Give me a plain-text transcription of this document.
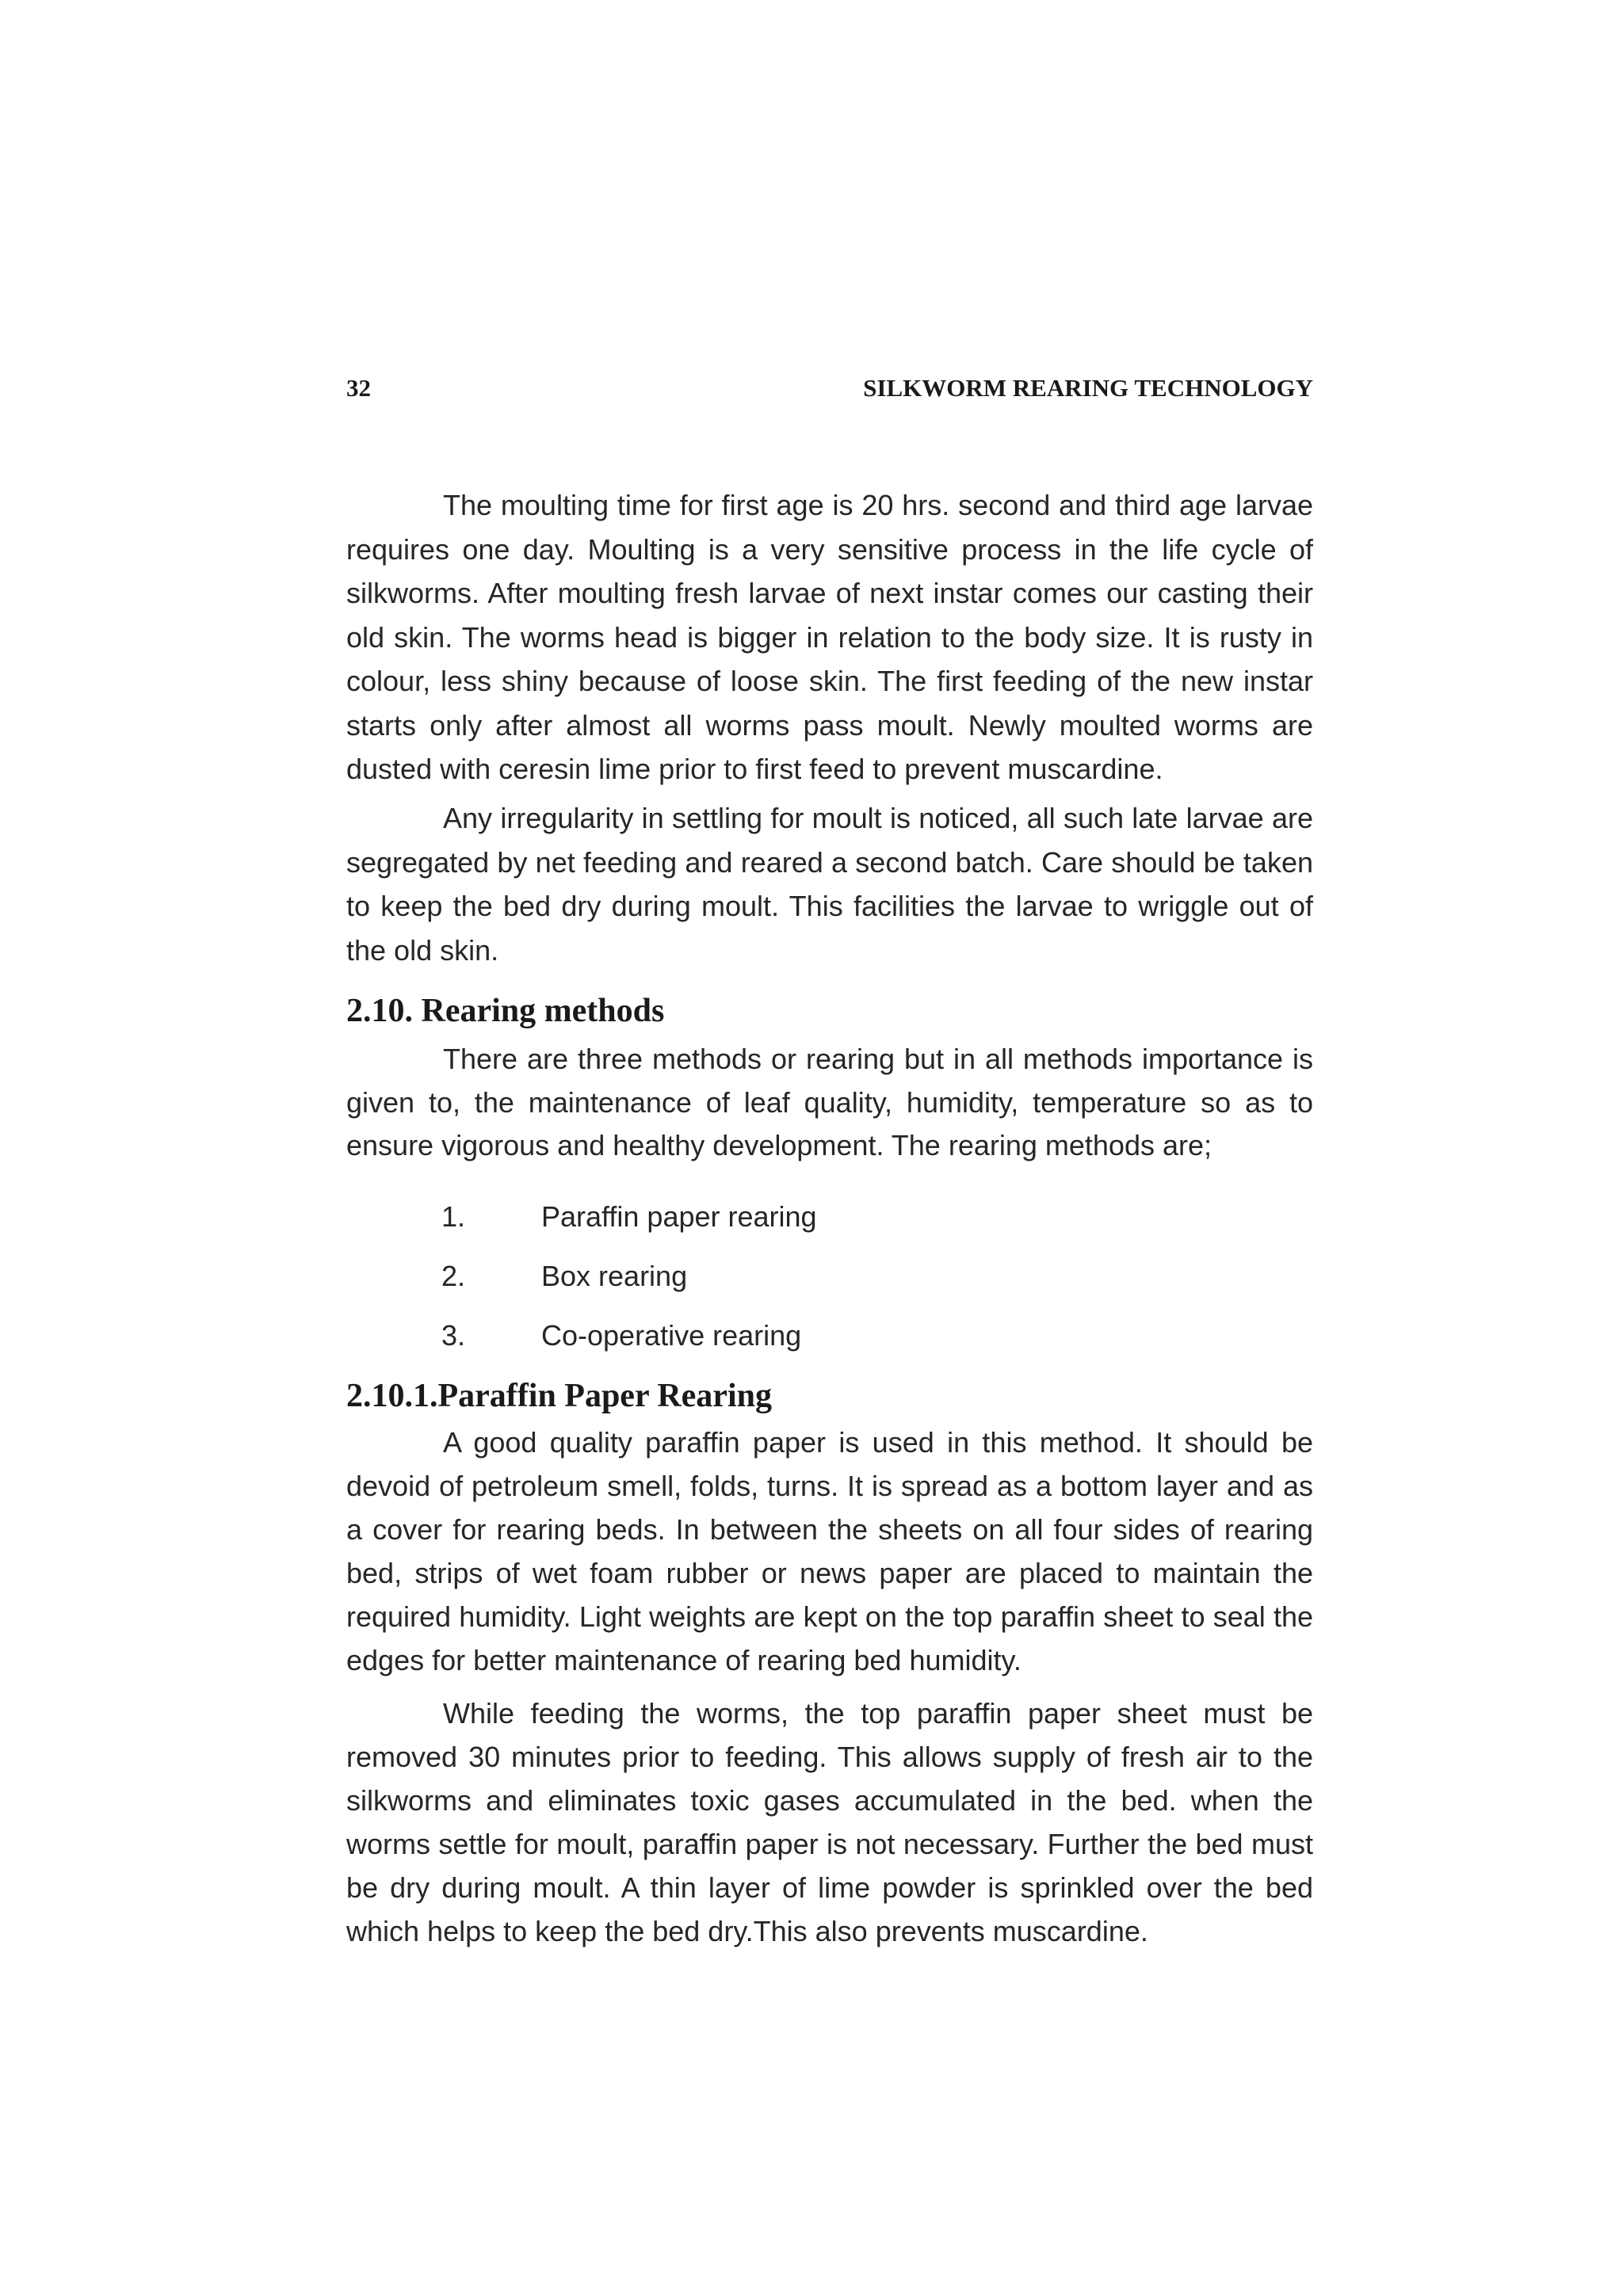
32	SILKWORM REARING TECHNOLOGY

The moulting time for first age is 20 hrs. second and third age larvae requires one day. Moulting is a very sensitive process in the life cycle of silkworms. After moulting fresh larvae of next instar comes our casting their old skin. The worms head is bigger in relation to the body size. It is rusty in colour, less shiny because of loose skin. The first feeding of the new instar starts only after almost all worms pass moult. Newly moulted worms are dusted with ceresin lime prior to first feed to prevent muscardine.

Any irregularity in settling for moult is noticed, all such late larvae are segregated by net feeding and reared a second batch. Care should be taken to keep the bed dry during moult. This facilities the larvae to wriggle out of the old skin.

2.10. Rearing methods

There are three methods or rearing but in all methods importance is given to, the maintenance of leaf quality, humidity, temperature so as to ensure vigorous and healthy development. The rearing methods are;

1.	Paraffin paper rearing
2.	Box rearing
3.	Co-operative rearing
2.10.1.Paraffin Paper Rearing

A good quality paraffin paper is used in this method. It should be devoid of petroleum smell, folds, turns. It is spread as a bottom layer and as a cover for rearing beds. In between the sheets on all four sides of rearing bed, strips of wet foam rubber or news paper are placed to maintain the required humidity. Light weights are kept on the top paraffin sheet to seal the edges for better maintenance of rearing bed humidity.

While feeding the worms, the top paraffin paper sheet must be removed 30 minutes prior to feeding. This allows supply of fresh air to the silkworms and eliminates toxic gases accumulated in the bed. when the worms settle for moult, paraffin paper is not necessary. Further the bed must be dry during moult. A thin layer of lime powder is sprinkled over the bed which helps to keep the bed dry.This also prevents muscardine.
